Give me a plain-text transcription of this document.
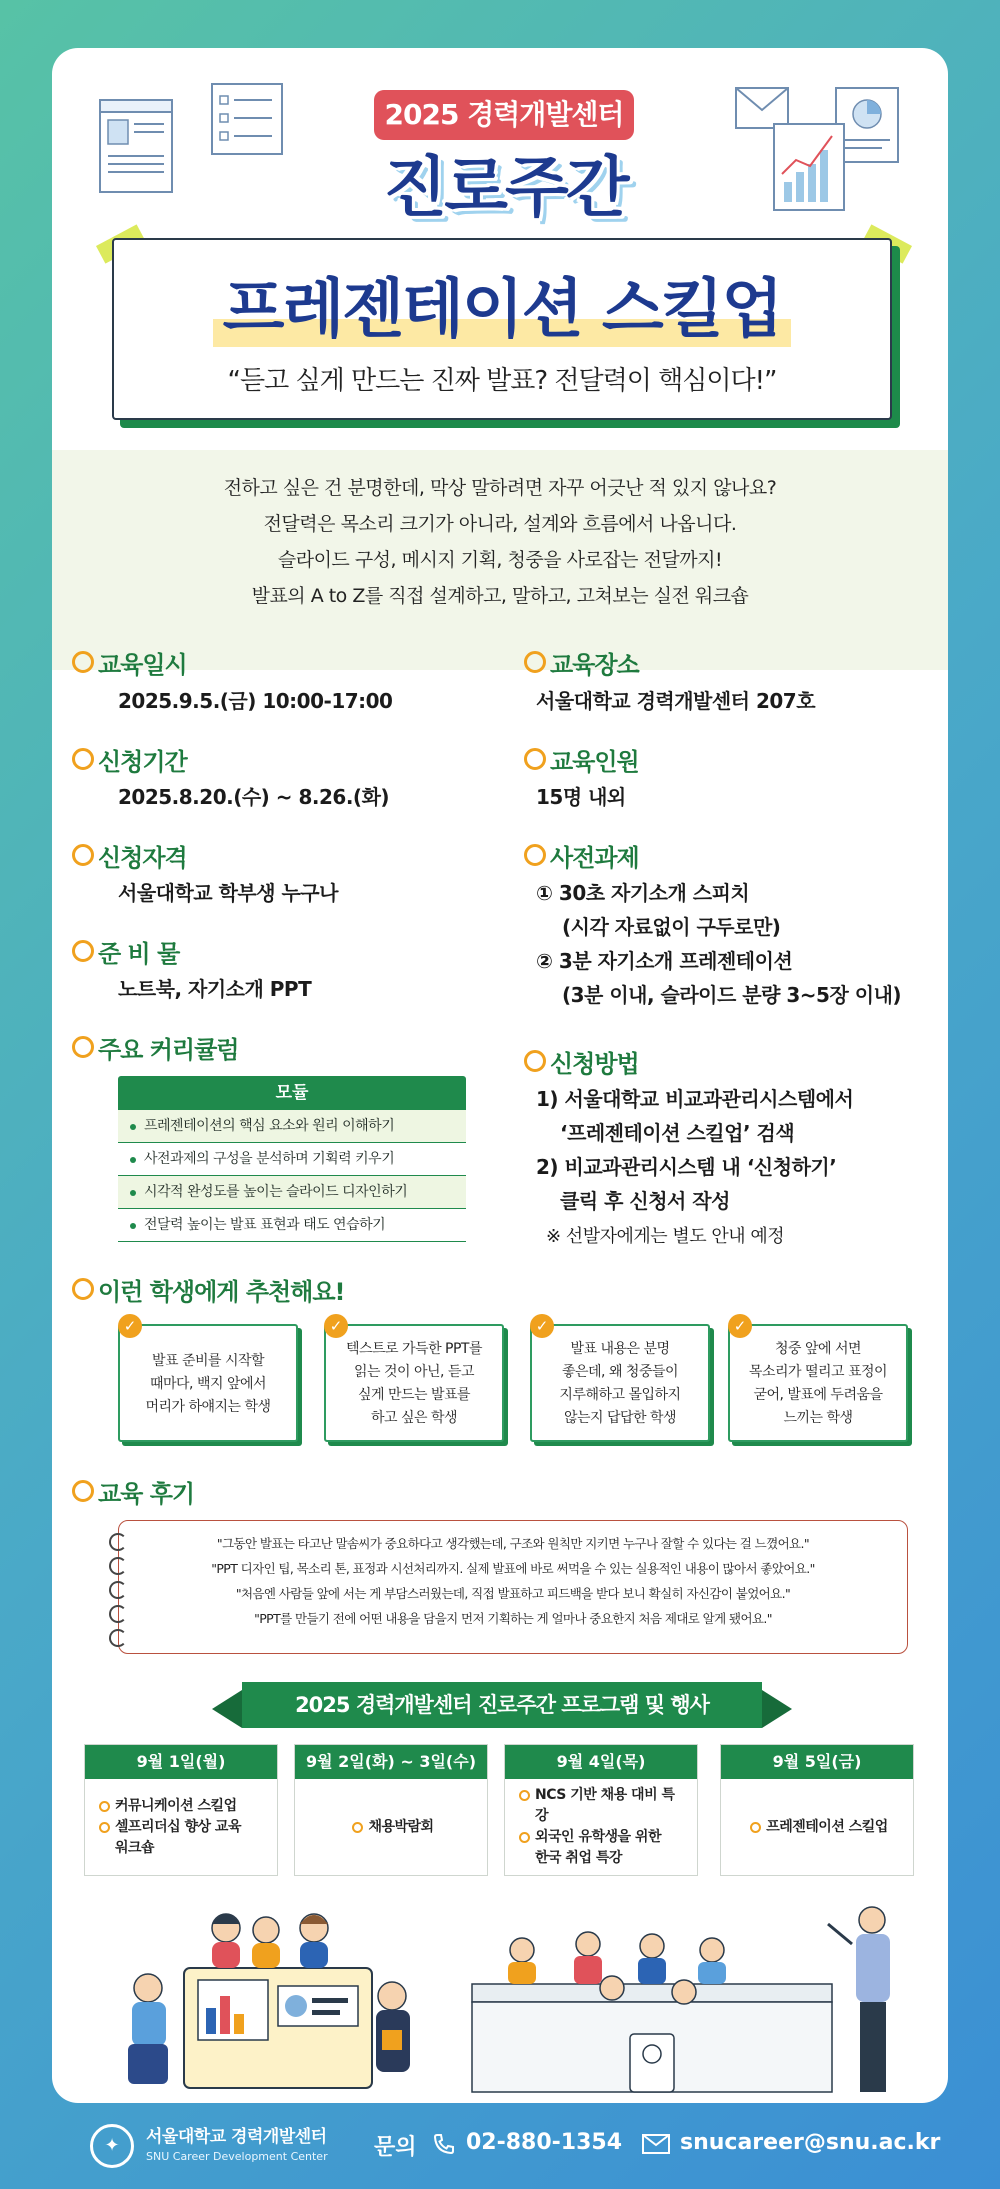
2025 경력개발센터
진로주간
프레젠테이션 스킬업
“듣고 싶게 만드는 진짜 발표? 전달력이 핵심이다!”

전하고 싶은 건 분명한데, 막상 말하려면 자꾸 어긋난 적 있지 않나요?

전달력은 목소리 크기가 아니라, 설계와 흐름에서 나옵니다.

슬라이드 구성, 메시지 기획, 청중을 사로잡는 전달까지!

발표의 A to Z를 직접 설계하고, 말하고, 고쳐보는 실전 워크숍

교육일시
2025.9.5.(금) 10:00-17:00
신청기간
2025.8.20.(수) ~ 8.26.(화)
신청자격
서울대학교 학부생 누구나
준 비 물
노트북, 자기소개 PPT
주요 커리큘럼
모듈
프레젠테이션의 핵심 요소와 원리 이해하기
사전과제의 구성을 분석하며 기획력 키우기
시각적 완성도를 높이는 슬라이드 디자인하기
전달력 높이는 발표 표현과 태도 연습하기
교육장소
서울대학교 경력개발센터 207호
교육인원
15명 내외
사전과제
① 30초 자기소개 스피치
(시각 자료없이 구두로만)
② 3분 자기소개 프레젠테이션
(3분 이내, 슬라이드 분량 3~5장 이내)
신청방법
1) 서울대학교 비교과관리시스템에서
‘프레젠테이션 스킬업’ 검색
2) 비교과관리시스템 내 ‘신청하기’
클릭 후 신청서 작성
※ 선발자에게는 별도 안내 예정
이런 학생에게 추천해요!
✓
발표 준비를 시작할
때마다, 백지 앞에서
머리가 하얘지는 학생
✓
텍스트로 가득한 PPT를
읽는 것이 아닌, 듣고
싶게 만드는 발표를
하고 싶은 학생
✓
발표 내용은 분명
좋은데, 왜 청중들이
지루해하고 몰입하지
않는지 답답한 학생
✓
청중 앞에 서면
목소리가 떨리고 표정이
굳어, 발표에 두려움을
느끼는 학생
교육 후기

"그동안 발표는 타고난 말솜씨가 중요하다고 생각했는데, 구조와 원칙만 지키면 누구나 잘할 수 있다는 걸 느꼈어요."

"PPT 디자인 팁, 목소리 톤, 표정과 시선처리까지. 실제 발표에 바로 써먹을 수 있는 실용적인 내용이 많아서 좋았어요."

"처음엔 사람들 앞에 서는 게 부담스러웠는데, 직접 발표하고 피드백을 받다 보니 확실히 자신감이 붙었어요."

"PPT를 만들기 전에 어떤 내용을 담을지 먼저 기획하는 게 얼마나 중요한지 처음 제대로 알게 됐어요."

2025 경력개발센터 진로주간 프로그램 및 행사
9월 1일(월)
커뮤니케이션 스킬업
셀프리더십 향상 교육
워크숍
9월 2일(화) ~ 3일(수)
채용박람회
9월 4일(목)
NCS 기반 채용 대비 특강
외국인 유학생을 위한
한국 취업 특강
9월 5일(금)
프레젠테이션 스킬업
✦	서울대학교 경력개발센터
SNU Career Development Center 문의 02-880-1354	snucareer@snu.ac.kr
